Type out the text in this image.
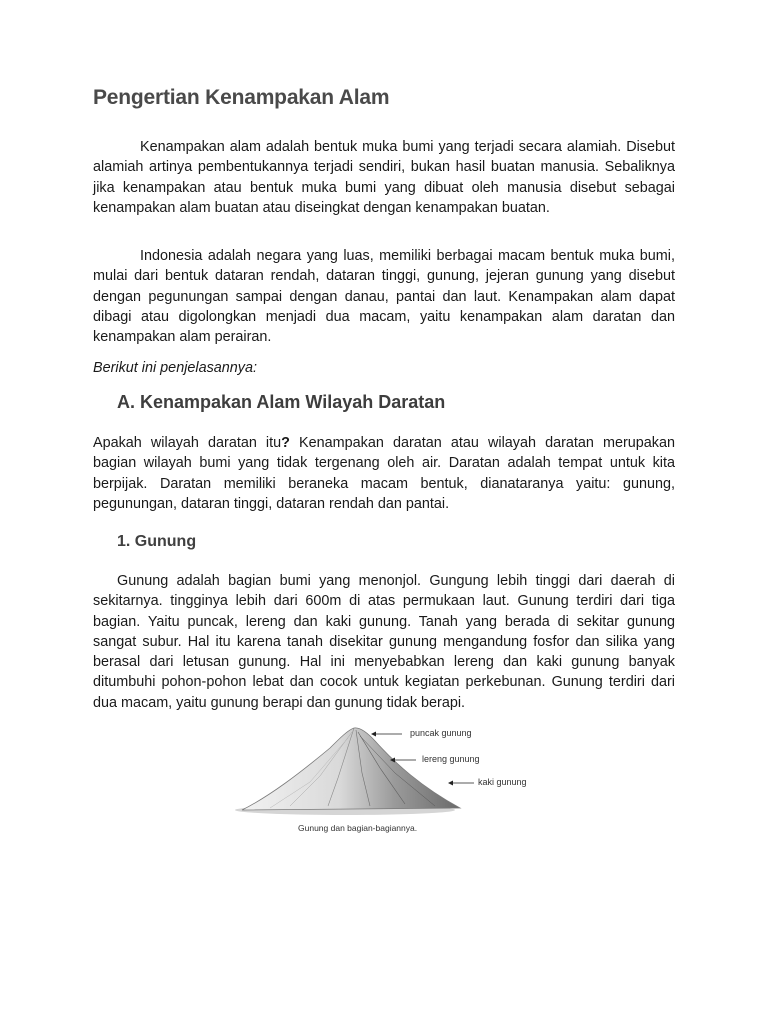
Pengertian Kenampakan Alam

Kenampakan alam adalah bentuk muka bumi yang terjadi secara alamiah. Disebut alamiah artinya pembentukannya terjadi sendiri, bukan hasil buatan manusia. Sebaliknya jika kenampakan atau bentuk muka bumi yang dibuat oleh manusia disebut sebagai kenampakan alam buatan atau diseingkat dengan kenampakan buatan.

Indonesia adalah negara yang luas, memiliki berbagai macam bentuk muka bumi, mulai dari bentuk dataran rendah, dataran tinggi, gunung, jejeran gunung yang disebut dengan pegunungan sampai dengan danau, pantai dan laut. Kenampakan alam dapat dibagi atau digolongkan menjadi dua macam, yaitu kenampakan alam daratan dan kenampakan alam perairan.

Berikut ini penjelasannya:

A. Kenampakan Alam Wilayah Daratan

Apakah wilayah daratan itu? Kenampakan daratan atau wilayah daratan merupakan bagian wilayah bumi yang tidak tergenang oleh air. Daratan adalah tempat untuk kita berpijak. Daratan memiliki beraneka macam bentuk, dianataranya yaitu: gunung, pegunungan, dataran tinggi, dataran rendah dan pantai.

1. Gunung

Gunung adalah bagian bumi yang menonjol. Gungung lebih tinggi dari daerah di sekitarnya. tingginya lebih dari 600m di atas permukaan laut. Gunung terdiri dari tiga bagian. Yaitu puncak, lereng dan kaki gunung. Tanah yang berada di sekitar gunung sangat subur. Hal itu karena tanah disekitar gunung mengandung fosfor dan silika yang berasal dari letusan gunung. Hal ini menyebabkan lereng dan kaki gunung banyak ditumbuhi pohon-pohon lebat dan cocok untuk kegiatan perkebunan. Gunung terdiri dari dua macam, yaitu gunung berapi dan gunung tidak berapi.

puncak gunung
lereng gunung
kaki gunung
Gunung dan bagian-bagiannya.
